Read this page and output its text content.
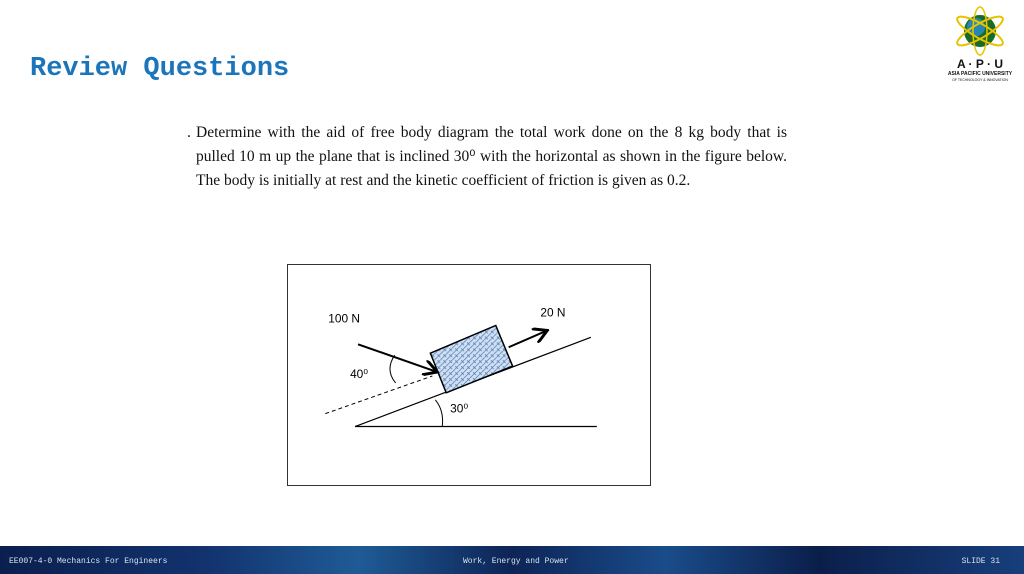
Review Questions	A · P · U
ASIA PACIFIC UNIVERSITY
OF TECHNOLOGY & INNOVATION
. Determine with the aid of free body diagram the total work done on the 8 kg body that is pulled 10 m up the plane that is inclined 30⁰ with the horizontal as shown in the figure below. The body is initially at rest and the kinetic coefficient of friction is given as 0.2.
100 N	20 N
40⁰
30⁰
EE007-4-0 Mechanics For Engineers	Work, Energy and Power	SLIDE 31
